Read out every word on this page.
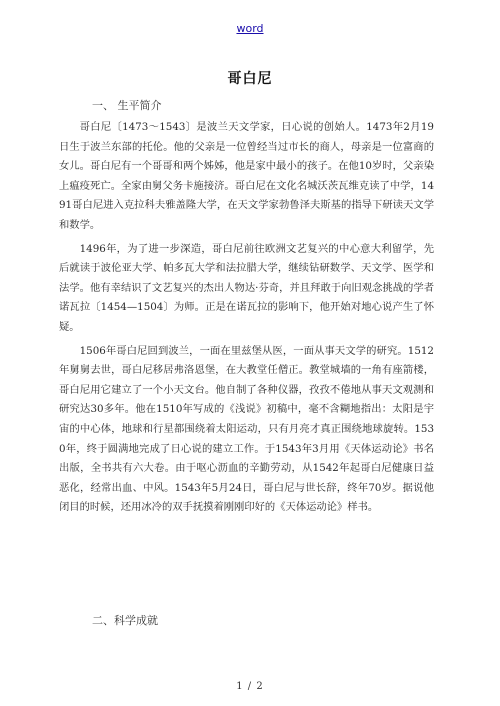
word
哥白尼
一、 生平简介

哥白尼〔1473～1543〕是波兰天文学家，日心说的创始人。1473年2月19日生于波兰东部的托伦。他的父亲是一位曾经当过市长的商人，母亲是一位富商的女儿。哥白尼有一个哥哥和两个姊姊，他是家中最小的孩子。在他10岁时，父亲染上瘟疫死亡。全家由舅父务卡施接济。哥白尼在文化名城沃茨瓦维克读了中学，1491哥白尼进入克拉科夫雅盖隆大学，在天文学家勃鲁泽夫斯基的指导下研读天文学和数学。

1496年，为了进一步深造，哥白尼前往欧洲文艺复兴的中心意大利留学，先后就读于波伦亚大学、帕多瓦大学和法拉腊大学，继续钻研数学、天文学、医学和法学。他有幸结识了文艺复兴的杰出人物达·芬奇，并且拜敢于向旧观念挑战的学者诺瓦拉〔1454—1504〕为师。正是在诺瓦拉的影响下，他开始对地心说产生了怀疑。

1506年哥白尼回到波兰，一面在里兹堡从医，一面从事天文学的研究。1512年舅舅去世，哥白尼移居弗洛恩堡，在大教堂任僧正。教堂城墙的一角有座箭楼，哥白尼用它建立了一个小天文台。他自制了各种仪器，孜孜不倦地从事天文观测和研究达30多年。他在1510年写成的《浅说》初稿中，毫不含糊地指出：太阳是宇宙的中心体，地球和行星都围绕着太阳运动，只有月亮才真正围绕地球旋转。1530年，终于圆满地完成了日心说的建立工作。于1543年3月用《天体运动论》书名出版，全书共有六大卷。由于呕心沥血的辛勤劳动，从1542年起哥白尼健康日益恶化，经常出血、中风。1543年5月24日，哥白尼与世长辞，终年70岁。据说他闭目的时候，还用冰冷的双手抚摸着刚刚印好的《天体运动论》样书。

二、科学成就
1 / 2
